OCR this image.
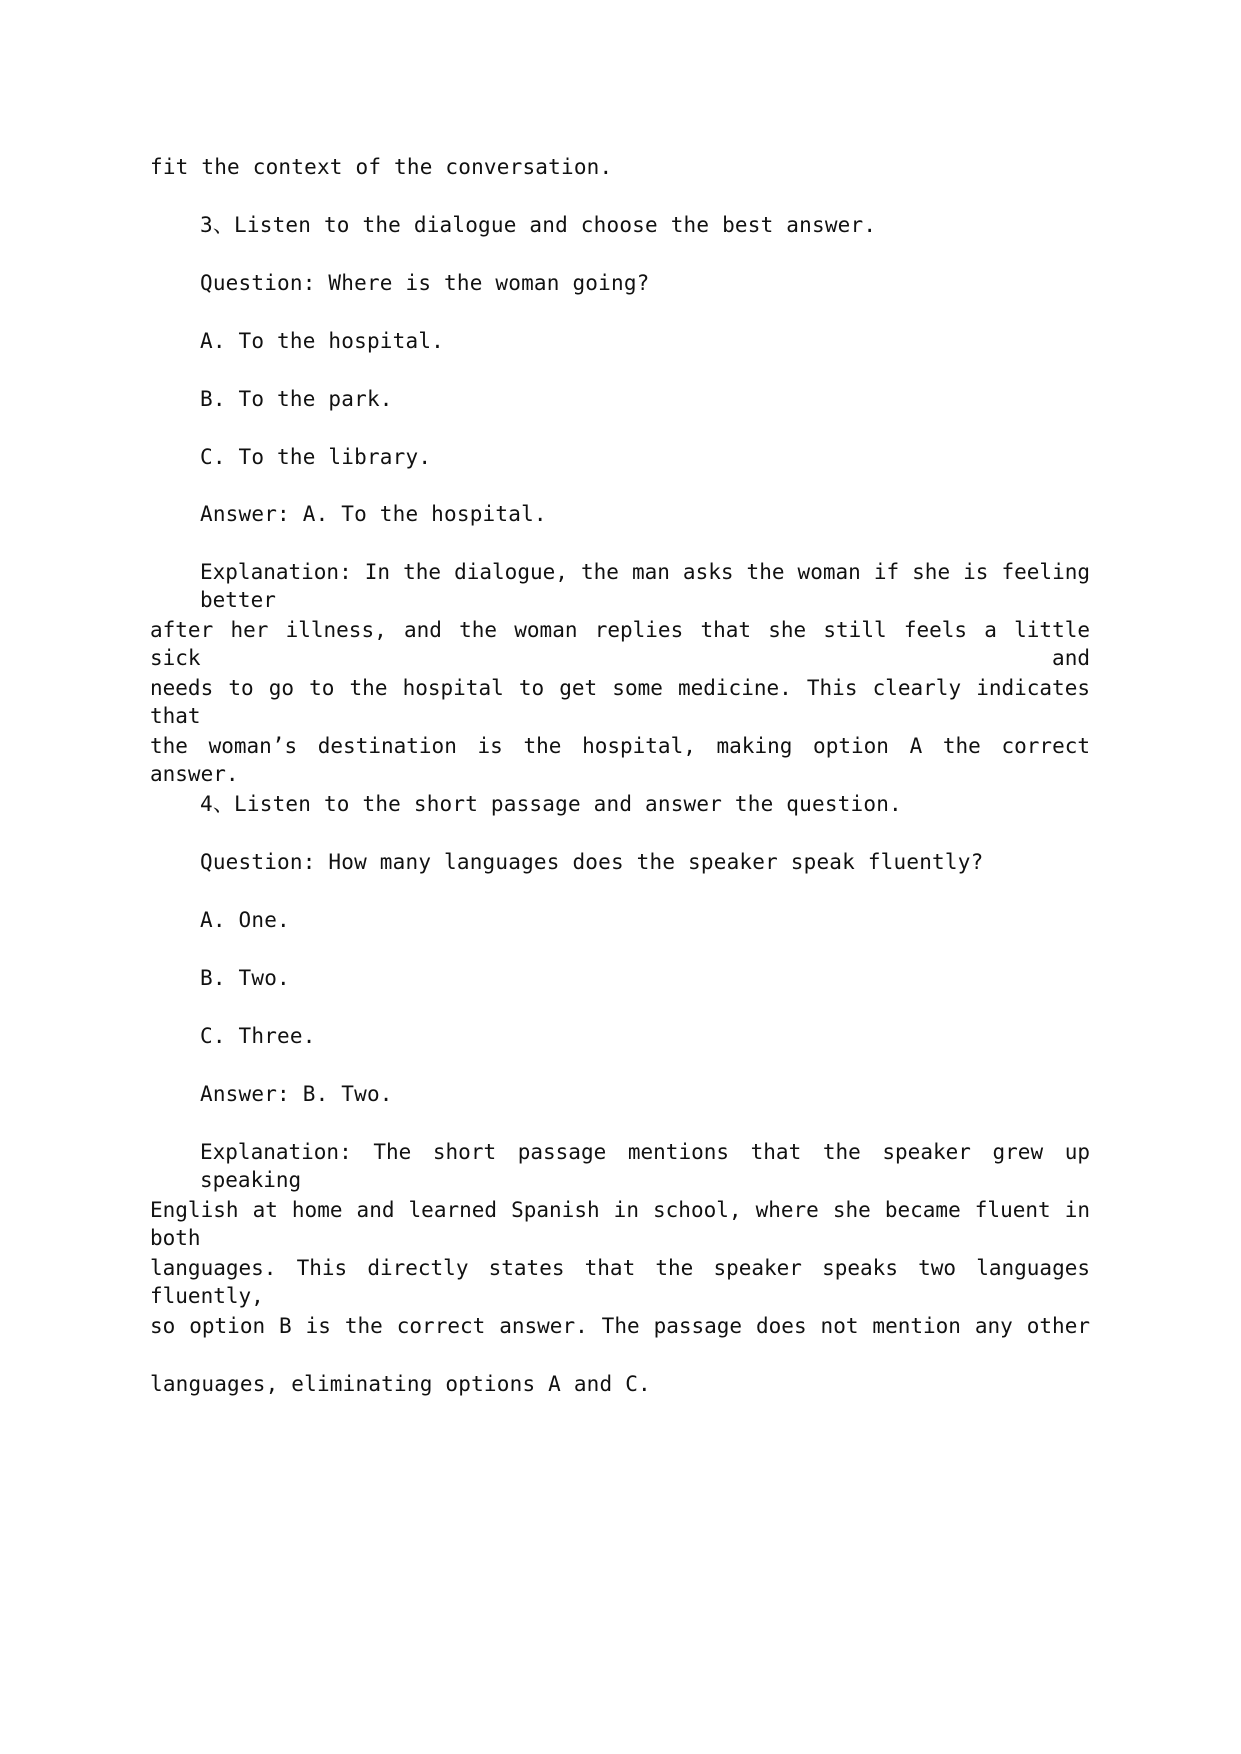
fit the context of the conversation.
3、Listen to the dialogue and choose the best answer.
Question: Where is the woman going?
A. To the hospital.
B. To the park.
C. To the library.
Answer: A. To the hospital.
Explanation: In the dialogue, the man asks the woman if she is feeling better
after her illness, and the woman replies that she still feels a little sick and
needs to go to the hospital to get some medicine. This clearly indicates that
the woman’s destination is the hospital, making option A the correct answer.
4、Listen to the short passage and answer the question.
Question: How many languages does the speaker speak fluently?
A. One.
B. Two.
C. Three.
Answer: B. Two.
Explanation: The short passage mentions that the speaker grew up speaking
English at home and learned Spanish in school, where she became fluent in both
languages. This directly states that the speaker speaks two languages fluently,
so option B is the correct answer. The passage does not mention any other
languages, eliminating options A and C.
